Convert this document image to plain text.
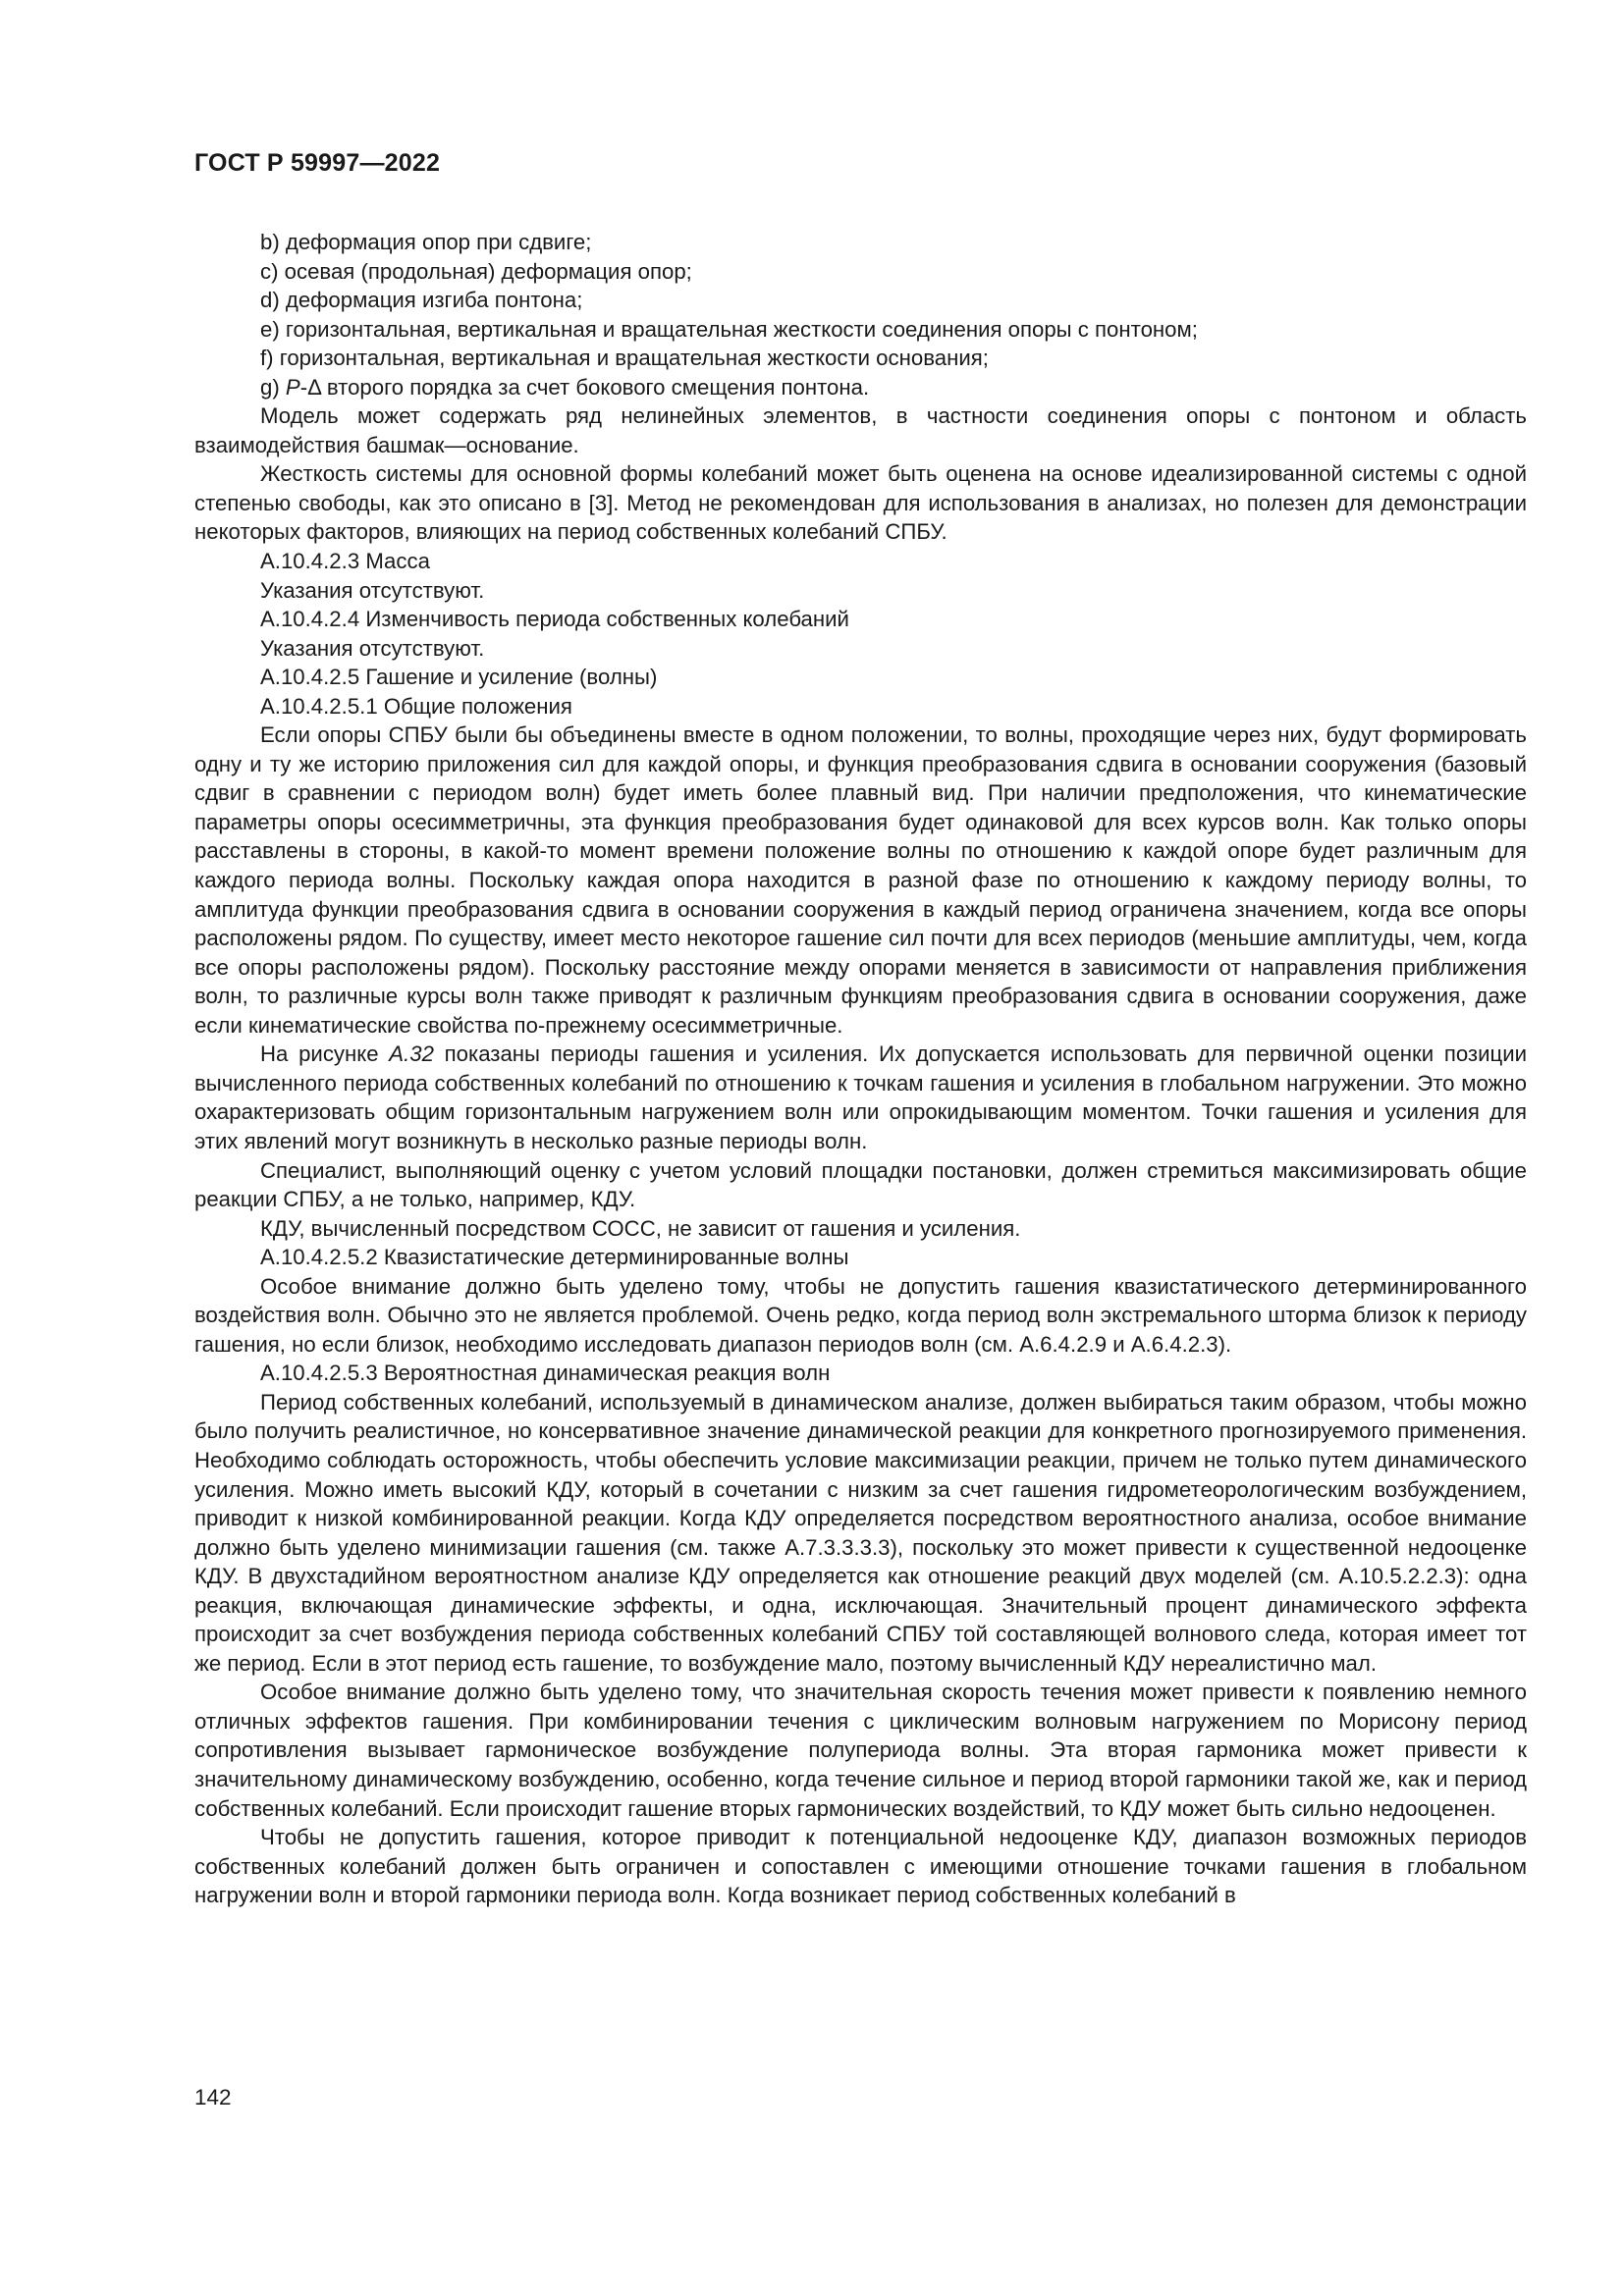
ГОСТ Р 59997—2022

b) деформация опор при сдвиге;

c) осевая (продольная) деформация опор;

d) деформация изгиба понтона;

e) горизонтальная, вертикальная и вращательная жесткости соединения опоры с понтоном;

f) горизонтальная, вертикальная и вращательная жесткости основания;

g) P-Δ второго порядка за счет бокового смещения понтона.

Модель может содержать ряд нелинейных элементов, в частности соединения опоры с понтоном и область взаимодействия башмак—основание.

Жесткость системы для основной формы колебаний может быть оценена на основе идеализированной системы с одной степенью свободы, как это описано в [3]. Метод не рекомендован для использования в анализах, но полезен для демонстрации некоторых факторов, влияющих на период собственных колебаний СПБУ.

А.10.4.2.3 Масса

Указания отсутствуют.

А.10.4.2.4 Изменчивость периода собственных колебаний

Указания отсутствуют.

А.10.4.2.5 Гашение и усиление (волны)

А.10.4.2.5.1 Общие положения

Если опоры СПБУ были бы объединены вместе в одном положении, то волны, проходящие через них, будут формировать одну и ту же историю приложения сил для каждой опоры, и функция преобразования сдвига в основании сооружения (базовый сдвиг в сравнении с периодом волн) будет иметь более плавный вид. При наличии предположения, что кинематические параметры опоры осесимметричны, эта функция преобразования будет одинаковой для всех курсов волн. Как только опоры расставлены в стороны, в какой-то момент времени положение волны по отношению к каждой опоре будет различным для каждого периода волны. Поскольку каждая опора находится в разной фазе по отношению к каждому периоду волны, то амплитуда функции преобразования сдвига в основании сооружения в каждый период ограничена значением, когда все опоры расположены рядом. По существу, имеет место некоторое гашение сил почти для всех периодов (меньшие амплитуды, чем, когда все опоры расположены рядом). Поскольку расстояние между опорами меняется в зависимости от направления приближения волн, то различные курсы волн также приводят к различным функциям преобразования сдвига в основании сооружения, даже если кинематические свойства по-прежнему осесимметричные.

На рисунке А.32 показаны периоды гашения и усиления. Их допускается использовать для первичной оценки позиции вычисленного периода собственных колебаний по отношению к точкам гашения и усиления в глобальном нагружении. Это можно охарактеризовать общим горизонтальным нагружением волн или опрокидывающим моментом. Точки гашения и усиления для этих явлений могут возникнуть в несколько разные периоды волн.

Специалист, выполняющий оценку с учетом условий площадки постановки, должен стремиться максимизировать общие реакции СПБУ, а не только, например, КДУ.

КДУ, вычисленный посредством СОСС, не зависит от гашения и усиления.

А.10.4.2.5.2 Квазистатические детерминированные волны

Особое внимание должно быть уделено тому, чтобы не допустить гашения квазистатического детерминированного воздействия волн. Обычно это не является проблемой. Очень редко, когда период волн экстремального шторма близок к периоду гашения, но если близок, необходимо исследовать диапазон периодов волн (см. А.6.4.2.9 и А.6.4.2.3).

А.10.4.2.5.3 Вероятностная динамическая реакция волн

Период собственных колебаний, используемый в динамическом анализе, должен выбираться таким образом, чтобы можно было получить реалистичное, но консервативное значение динамической реакции для конкретного прогнозируемого применения. Необходимо соблюдать осторожность, чтобы обеспечить условие максимизации реакции, причем не только путем динамического усиления. Можно иметь высокий КДУ, который в сочетании с низким за счет гашения гидрометеорологическим возбуждением, приводит к низкой комбинированной реакции. Когда КДУ определяется посредством вероятностного анализа, особое внимание должно быть уделено минимизации гашения (см. также А.7.3.3.3.3), поскольку это может привести к существенной недооценке КДУ. В двухстадийном вероятностном анализе КДУ определяется как отношение реакций двух моделей (см. А.10.5.2.2.3): одна реакция, включающая динамические эффекты, и одна, исключающая. Значительный процент динамического эффекта происходит за счет возбуждения периода собственных колебаний СПБУ той составляющей волнового следа, которая имеет тот же период. Если в этот период есть гашение, то возбуждение мало, поэтому вычисленный КДУ нереалистично мал.

Особое внимание должно быть уделено тому, что значительная скорость течения может привести к появлению немного отличных эффектов гашения. При комбинировании течения с циклическим волновым нагружением по Морисону период сопротивления вызывает гармоническое возбуждение полупериода волны. Эта вторая гармоника может привести к значительному динамическому возбуждению, особенно, когда течение сильное и период второй гармоники такой же, как и период собственных колебаний. Если происходит гашение вторых гармонических воздействий, то КДУ может быть сильно недооценен.

Чтобы не допустить гашения, которое приводит к потенциальной недооценке КДУ, диапазон возможных периодов собственных колебаний должен быть ограничен и сопоставлен с имеющими отношение точками гашения в глобальном нагружении волн и второй гармоники периода волн. Когда возникает период собственных колебаний в

142
